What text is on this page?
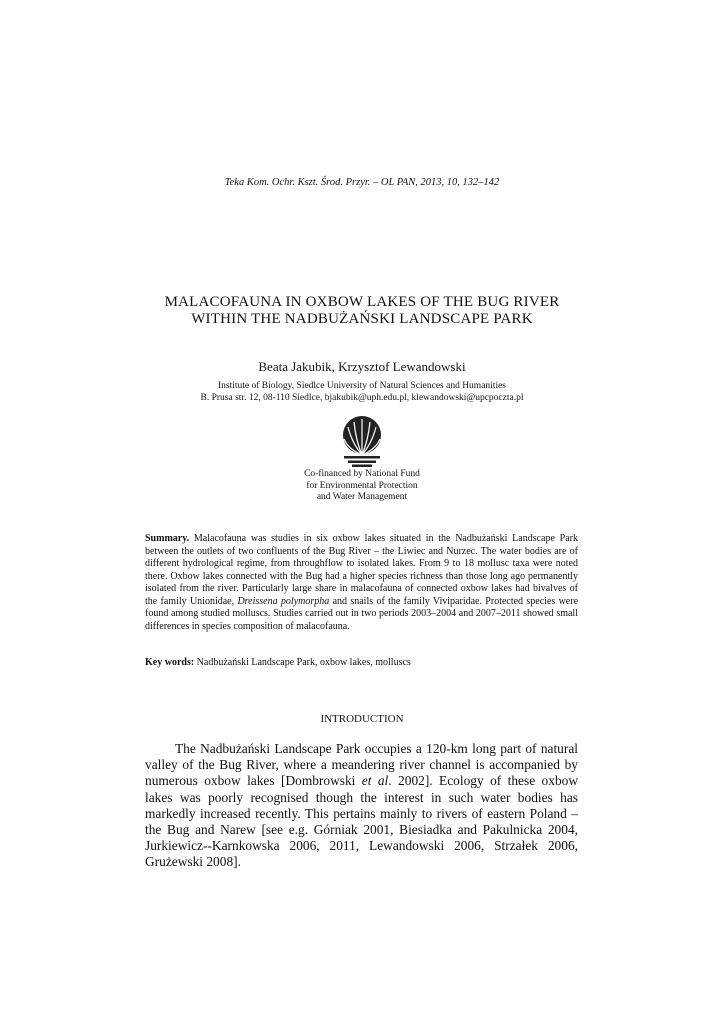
Teka Kom. Ochr. Kszt. Środ. Przyr. – OL PAN, 2013, 10, 132–142
MALACOFAUNA IN OXBOW LAKES OF THE BUG RIVER
WITHIN THE NADBUŻAŃSKI LANDSCAPE PARK
Beata Jakubik, Krzysztof Lewandowski
Institute of Biology, Siedlce University of Natural Sciences and Humanities
B. Prusa str. 12, 08-110 Siedlce, bjakubik@uph.edu.pl, klewandowski@upcpoczta.pl
Co-financed by National Fund
for Environmental Protection
and Water Management

Summary. Malacofauna was studies in six oxbow lakes situated in the Nadbużański Landscape Park between the outlets of two confluents of the Bug River – the Liwiec and Nurzec. The water bodies are of different hydrological regime, from throughflow to isolated lakes. From 9 to 18 mollusc taxa were noted there. Oxbow lakes connected with the Bug had a higher species richness than those long ago permanently isolated from the river. Particularly large share in malacofauna of connected oxbow lakes had bivalves of the family Unionidae, Dreissena polymorpha and snails of the family Viviparidae. Protected species were found among studied molluscs. Studies carried out in two periods 2003–2004 and 2007–2011 showed small differences in species composition of malacofauna.

Key words: Nadbużański Landscape Park, oxbow lakes, molluscs

INTRODUCTION

The Nadbużański Landscape Park occupies a 120-km long part of natural valley of the Bug River, where a meandering river channel is accompanied by numerous oxbow lakes [Dombrowski et al. 2002]. Ecology of these oxbow lakes was poorly recognised though the interest in such water bodies has markedly increased recently. This pertains mainly to rivers of eastern Poland – the Bug and Narew [see e.g. Górniak 2001, Biesiadka and Pakulnicka 2004, Jurkiewicz--Karnkowska 2006, 2011, Lewandowski 2006, Strzałek 2006, Grużewski 2008].
